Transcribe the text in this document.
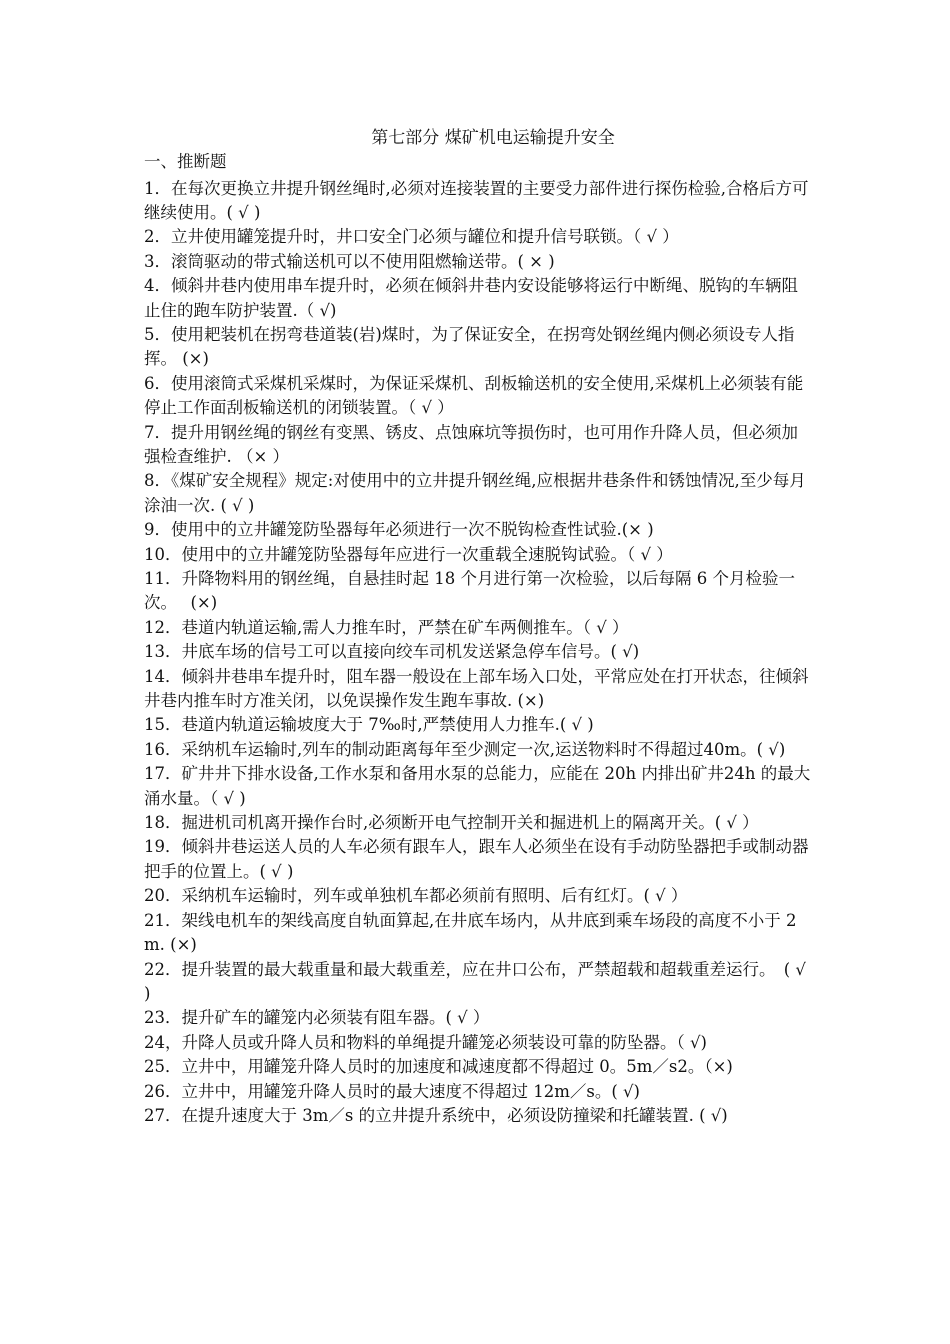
第七部分 煤矿机电运输提升安全

一、推断题

1．在每次更换立井提升钢丝绳时,必须对连接装置的主要受力部件进行探伤检验,合格后方可继续使用。( √ )

2．立井使用罐笼提升时，井口安全门必须与罐位和提升信号联锁。（ √ ）

3．滚筒驱动的带式输送机可以不使用阻燃输送带。( × )

4．倾斜井巷内使用串车提升时，必须在倾斜井巷内安设能够将运行中断绳、脱钩的车辆阻止住的跑车防护装置.（ √)

5．使用耙装机在拐弯巷道装(岩)煤时，为了保证安全，在拐弯处钢丝绳内侧必须设专人指挥。 (×)

6．使用滚筒式采煤机采煤时，为保证采煤机、刮板输送机的安全使用,采煤机上必须装有能停止工作面刮板输送机的闭锁装置。（ √ ）

7．提升用钢丝绳的钢丝有变黑、锈皮、点蚀麻坑等损伤时，也可用作升降人员，但必须加强检查维护. （× ）

8．《煤矿安全规程》规定:对使用中的立井提升钢丝绳,应根据井巷条件和锈蚀情况,至少每月涂油一次. ( √ )

9．使用中的立井罐笼防坠器每年必须进行一次不脱钩检查性试验.(× )

10．使用中的立井罐笼防坠器每年应进行一次重载全速脱钩试验。（ √ ）

11．升降物料用的钢丝绳，自悬挂时起 18 个月进行第一次检验，以后每隔 6 个月检验一次。　 (×)

12．巷道内轨道运输,需人力推车时，严禁在矿车两侧推车。（ √ ）

13．井底车场的信号工可以直接向绞车司机发送紧急停车信号。( √)

14．倾斜井巷串车提升时，阻车器一般设在上部车场入口处，平常应处在打开状态，往倾斜井巷内推车时方准关闭，以免误操作发生跑车事故. (×)

15．巷道内轨道运输坡度大于 7‰时,严禁使用人力推车.( √ )

16．采纳机车运输时,列车的制动距离每年至少测定一次,运送物料时不得超过40m。( √)

17．矿井井下排水设备,工作水泵和备用水泵的总能力，应能在 20h 内排出矿井24h 的最大涌水量。（ √ )

18．掘进机司机离开操作台时,必须断开电气控制开关和掘进机上的隔离开关。( √ ）

19．倾斜井巷运送人员的人车必须有跟车人，跟车人必须坐在设有手动防坠器把手或制动器把手的位置上。( √ )

20．采纳机车运输时，列车或单独机车都必须前有照明、后有红灯。( √ ）

21．架线电机车的架线高度自轨面算起,在井底车场内，从井底到乘车场段的高度不小于 2m. (×)

22．提升装置的最大载重量和最大载重差，应在井口公布，严禁超载和超载重差运行。　( √ )

23．提升矿车的罐笼内必须装有阻车器。( √ ）

24，升降人员或升降人员和物料的单绳提升罐笼必须装设可靠的防坠器。（ √)

25．立井中，用罐笼升降人员时的加速度和减速度都不得超过 0。5m／s2。（×)

26．立井中，用罐笼升降人员时的最大速度不得超过 12m／s。( √)

27．在提升速度大于 3m／s 的立井提升系统中，必须设防撞梁和托罐装置. ( √)
